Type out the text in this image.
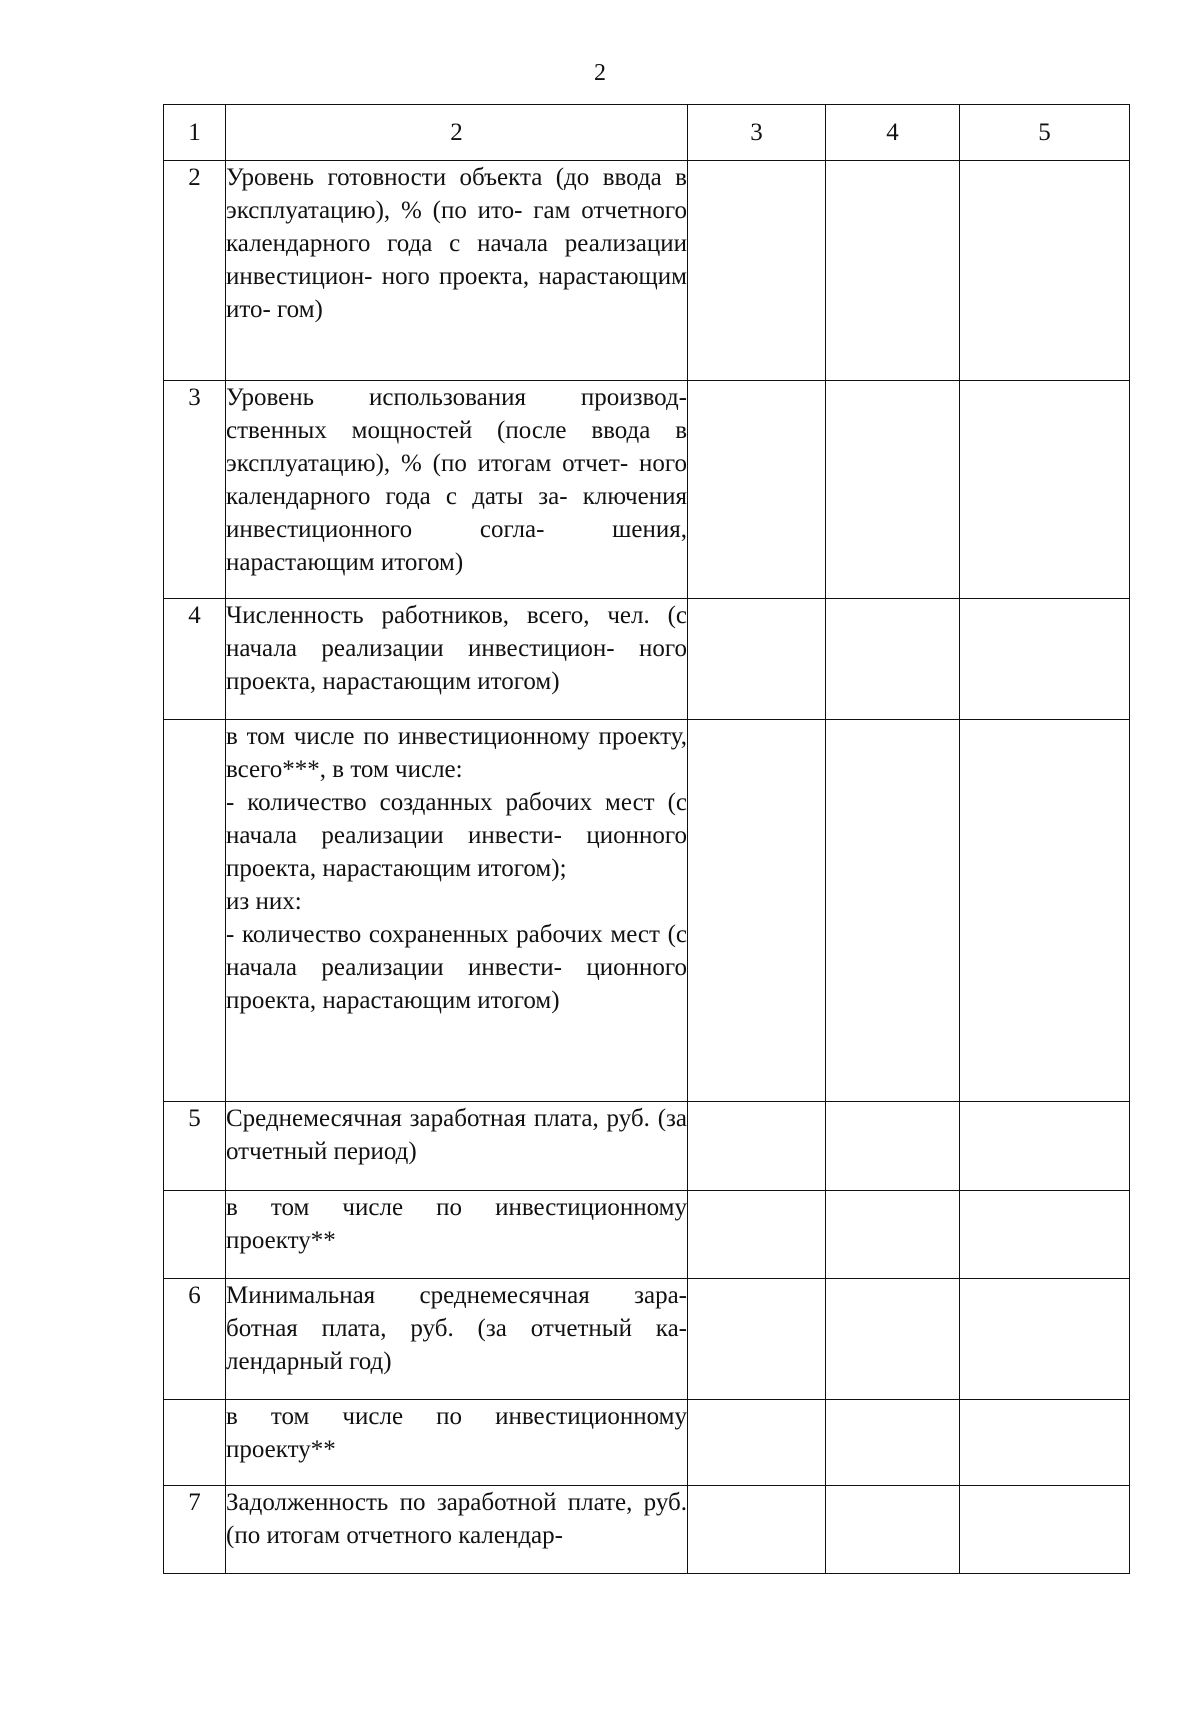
2
1	2	3	4	5
2	Уровень готовности объекта (до ввода в эксплуатацию), % (по ито- гам отчетного календарного года с начала реализации инвестицион- ного проекта, нарастающим ито- гом)			

3	Уровень использования производ- ственных мощностей (после ввода в эксплуатацию), % (по итогам отчет- ного календарного года с даты за- ключения инвестиционного согла- шения, нарастающим итогом)			

4	Численность работников, всего, чел. (с начала реализации инвестицион- ного проекта, нарастающим итогом)			

	в том числе по инвестиционному проекту, всего***, в том числе:
- количество созданных рабочих мест (с начала реализации инвести- ционного проекта, нарастающим итогом);
из них:
- количество сохраненных рабочих мест (с начала реализации инвести- ционного проекта, нарастающим итогом)			

5	Среднемесячная заработная плата, руб. (за отчетный период)			

	в том числе по инвестиционному проекту**			

6	Минимальная среднемесячная зара- ботная плата, руб. (за отчетный ка- лендарный год)			

	в том числе по инвестиционному проекту**			

7	Задолженность по заработной плате, руб. (по итогам отчетного календар-			
